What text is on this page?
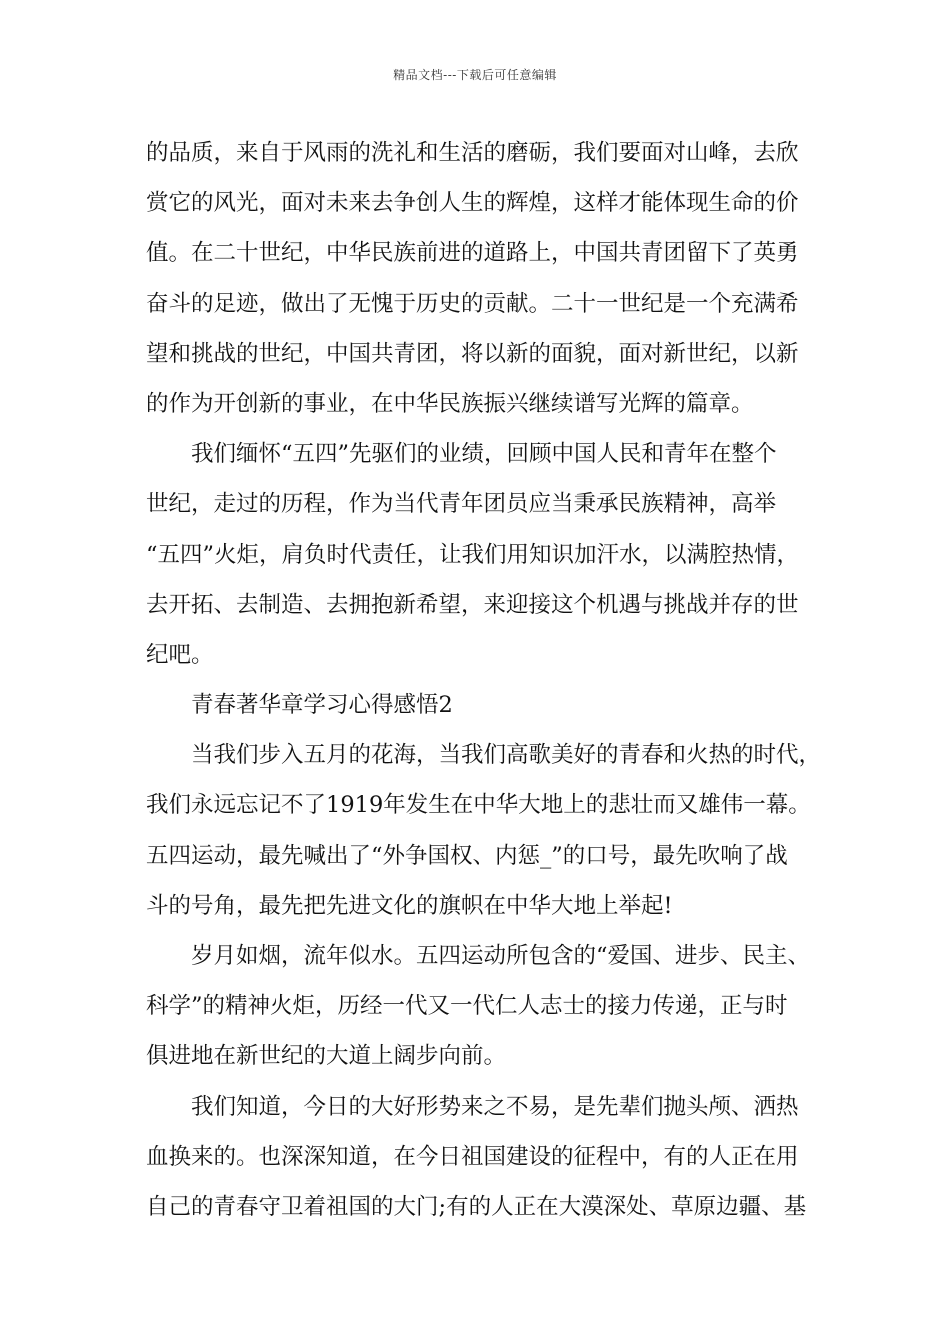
精品文档---下载后可任意编辑
的品质，来自于风雨的洗礼和生活的磨砺，我们要面对山峰，去欣
赏它的风光，面对未来去争创人生的辉煌，这样才能体现生命的价
值。在二十世纪，中华民族前进的道路上，中国共青团留下了英勇
奋斗的足迹，做出了无愧于历史的贡献。二十一世纪是一个充满希
望和挑战的世纪，中国共青团，将以新的面貌，面对新世纪，以新
的作为开创新的事业，在中华民族振兴继续谱写光辉的篇章。
我们缅怀“五四”先驱们的业绩，回顾中国人民和青年在整个
世纪，走过的历程，作为当代青年团员应当秉承民族精神，高举
“五四”火炬，肩负时代责任，让我们用知识加汗水，以满腔热情，
去开拓、去制造、去拥抱新希望，来迎接这个机遇与挑战并存的世
纪吧。
青春著华章学习心得感悟2
当我们步入五月的花海，当我们高歌美好的青春和火热的时代，
我们永远忘记不了1919年发生在中华大地上的悲壮而又雄伟一幕。
五四运动，最先喊出了“外争国权、内惩_”的口号，最先吹响了战
斗的号角，最先把先进文化的旗帜在中华大地上举起!
岁月如烟，流年似水。五四运动所包含的“爱国、进步、民主、
科学”的精神火炬，历经一代又一代仁人志士的接力传递，正与时
俱进地在新世纪的大道上阔步向前。
我们知道，今日的大好形势来之不易，是先辈们抛头颅、洒热
血换来的。也深深知道，在今日祖国建设的征程中，有的人正在用
自己的青春守卫着祖国的大门;有的人正在大漠深处、草原边疆、基
